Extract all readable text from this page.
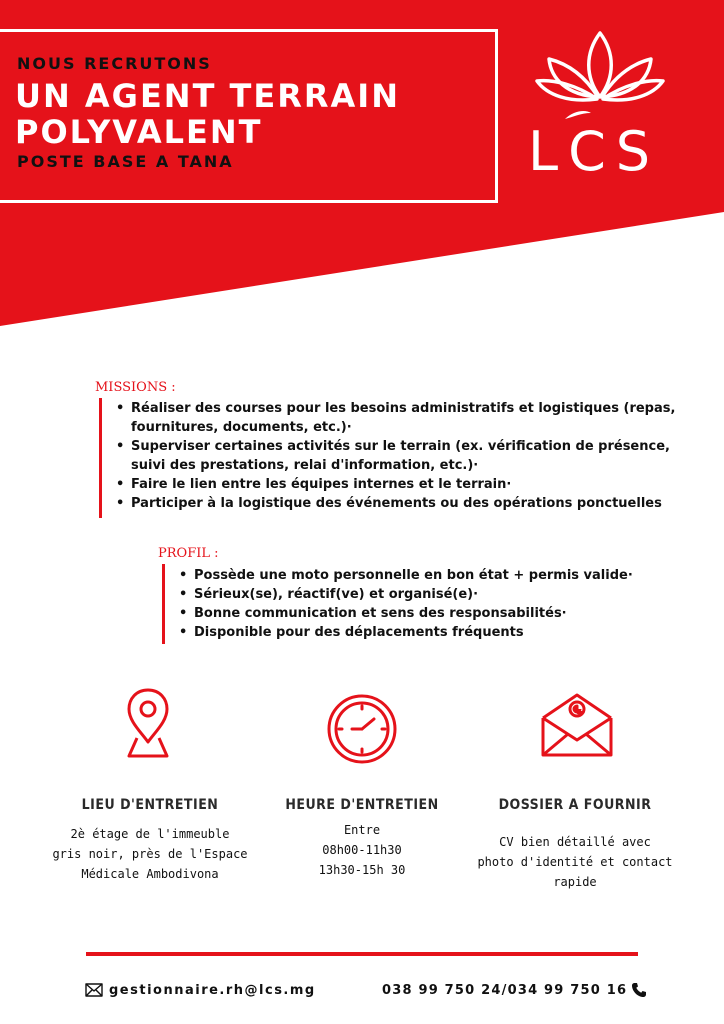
NOUS RECRUTONS
UN AGENT TERRAIN
POLYVALENT
POSTE BASE A TANA	LCS
MISSIONS :
• Réaliser des courses pour les besoins administratifs et logistiques (repas, fournitures, documents, etc.)·
• Superviser certaines activités sur le terrain (ex. vérification de présence, suivi des prestations, relai d'information, etc.)·
• Faire le lien entre les équipes internes et le terrain·
• Participer à la logistique des événements ou des opérations ponctuelles
PROFIL :
• Possède une moto personnelle en bon état + permis valide·
• Sérieux(se), réactif(ve) et organisé(e)·
• Bonne communication et sens des responsabilités·
• Disponible pour des déplacements fréquents
LIEU D'ENTRETIEN	HEURE D'ENTRETIEN	DOSSIER A FOURNIR
2è étage de l'immeuble
gris noir, près de l'Espace
Médicale Ambodivona
Entre
08h00-11h30
13h30-15h 30
CV bien détaillé avec
photo d'identité et contact
rapide
gestionnaire.rh@lcs.mg	038 99 750 24/034 99 750 16
